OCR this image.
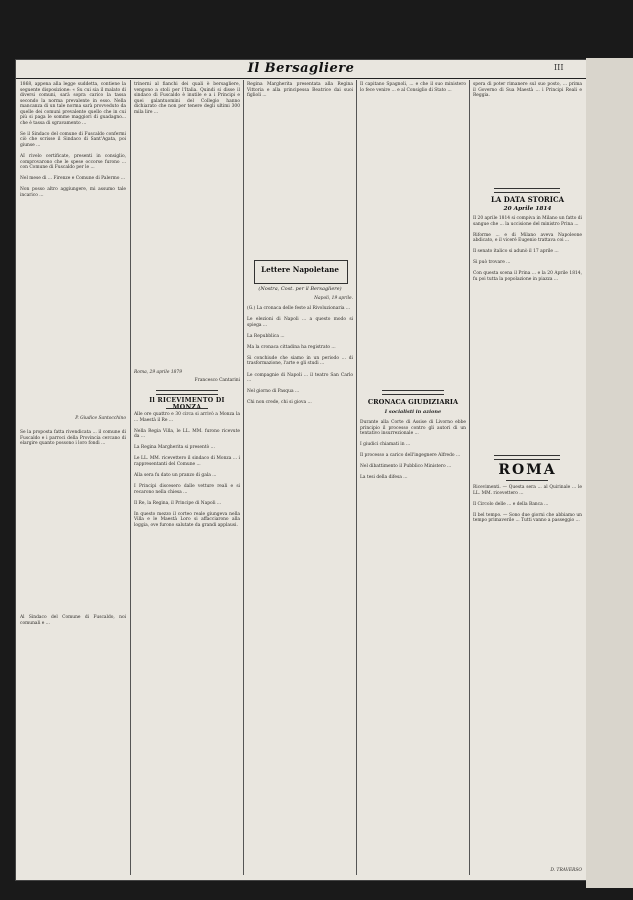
Il Bersagliere	III
1868, appena alla legge suddetta, contiene la seguente disposizione: « Su cui sia il malato di diversi comuni, sarà sopra carico la tassa secondo la norma prevalente in esso. Nella mancanza di un tale norma sarà provveduto da quelle dei comuni prevalente quello che in cui più si paga le somme maggiori di guadagno... che è tassa di sgravamento ...

Se il Sindaco del comune di Fuscaldo confermi ciò che scrisse il Sindaco di Sant'Agata, poi giunse ...

AI rivelo certificate, presenti in consiglio, comprovarono che le spese occorse furono ... con Comune di Fuscaldo per le ...

Nel mese di ... Firenze e Comune di Palermo ...

Non posso altro aggiungere, mi assumo tale incarico ...
P. Giudice Santocchino
Se la proposta fatta rivendicata ... il comune di Fuscaldo e i parroci della Provincia cercano di elargire quanto possono i loro fondi ...
Al Sindaco del Comune di Fuscaldo, noi comunali e ...
trinerni al fianchi dei quali è bersagliere, vengono a stoli per l'Italia. Quindi si disse il sindaco di Fuscaldo è inutile e a i Principi e quei galantuomini del Collegio hanno dichiarato che non per tenere degli ultimi 300 mila lire ...
Roma, 29 aprile 1879
Francesco Cantarini
Il RICEVIMENTO DI
Alle ore quattro e 30 circa si arrivò a Monza la ... Maestà il Re ...

Nella Regia Villa, le LL. MM. furono ricevute da ...

La Regina Margherita si presentò ...

Le LL. MM. ricevettero il sindaco di Monza ... i rappresentanti del Comune ...

Alla sera fu dato un pranzo di gala ...

I Principi discesero dalle vetture reali e si recarono nella chiesa ...

Il Re, la Regina, il Principe di Napoli ...

In questo mezzo il corteo reale giungeva nella Villa e le Maestà Loro si affacciarono alla loggia, ove furono salutate da grandi applausi.
Regina Margherita presentata alla Regina Vittoria e alla principessa Beatrice dai suoi figlioli ...
Lettere Napoletane
(Nostra, Cost. per il Bersagliere)
Napoli, 19 aprile.
(G.) La cronaca delle feste al Rivoluzionaria ...

Le elezioni di Napoli ... a questo modo si spiega ...

La Repubblica ...

Ma la cronaca cittadina ha registrato ...

Si conchiude che siamo in un periodo ... di trasformazione, l'arte e gli studi ...

Le compagnie di Napoli ... il teatro San Carlo ...

Nel giorno di Pasqua ...

Chi non crede, chi si giova ...
Il capitano Spagnoli, ... e che il suo ministero lo fece venire ... e al Consiglio di Stato ...
CRONACA GIUDIZIARIA
I socialisti in azione
Durante alla Corte di Assise di Livorno ebbe principio il processo contro gli autori di un tentativo insurrezionale ...

I giudici chiamati in ...

Il processo a carico dell'ingegnere Alfredo ...

Nel dibattimento il Pubblico Ministero ...

La tesi della difesa ...
spera di poter rimanere sul suo posto, ... prima il Governo di Sua Maestà ... i Principi Reali e Reggia.
LA DATA STORICA
20 Aprile 1814
Il 20 aprile 1814 si compiva in Milano un fatto di sangue che ... la uccisione del ministro Prina ...

Riforme ... e di Milano aveva Napoleone abdicato, e il viceré Eugenio trattava coi ...

Il senato italico si adunò il 17 aprile ...

Si può trovare ...

Con questa scena il Prina ... e la 20 Aprile 1814, fu poi tutta la popolazione in piazza ...
ROMA
Ricevimenti. — Questa sera ... al Quirinale ... le LL. MM. ricevettero ...

Il Circolo delle ... e della Banca ...

Il bel tempo. — Sono due giorni che abbiamo un tempo primaverile ... Tutti vanno a passeggio ...
D. TRAVERSO
